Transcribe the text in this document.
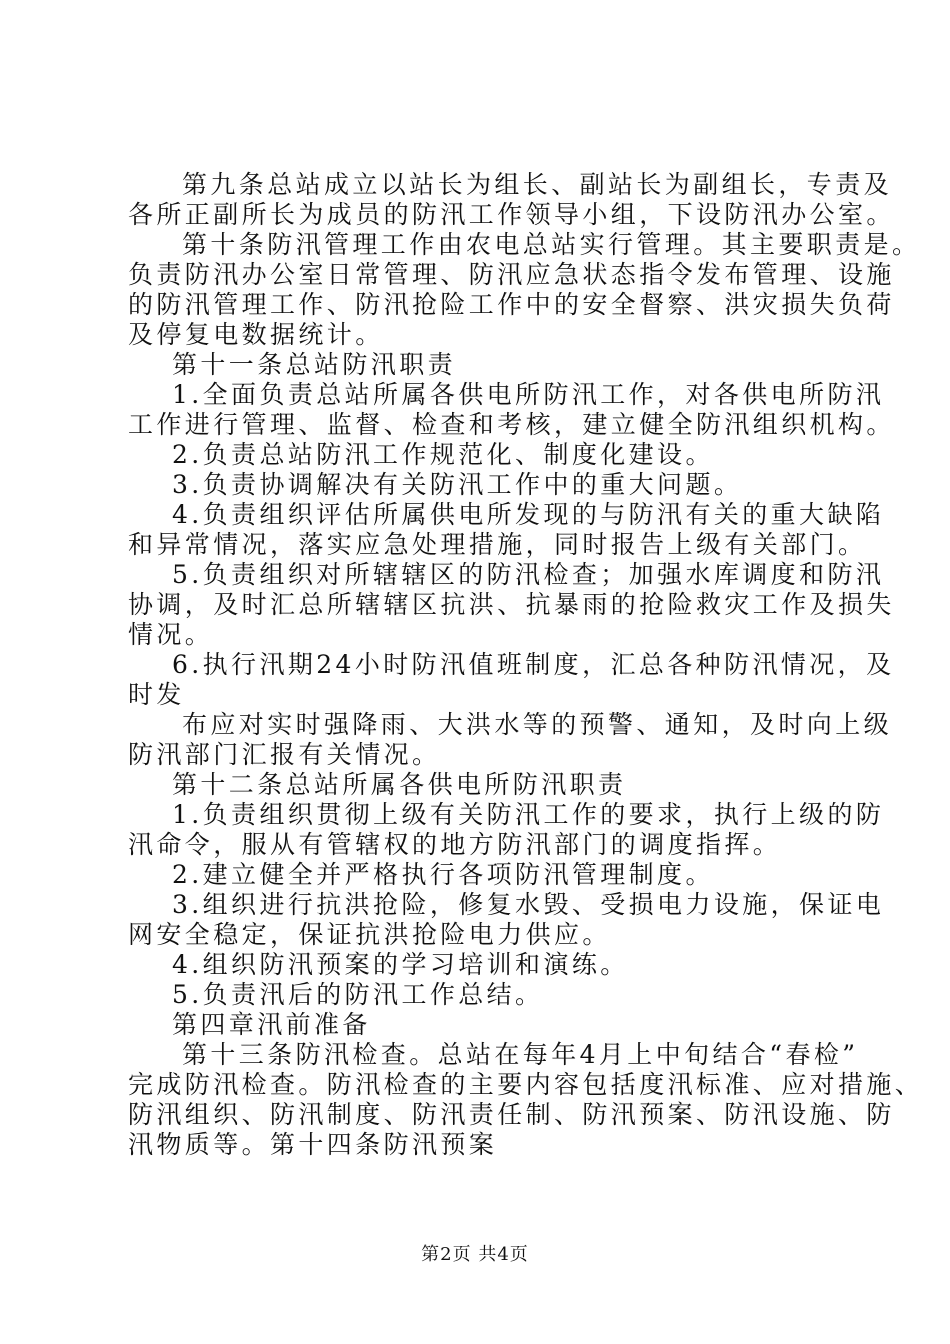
第九条总站成立以站长为组长、副站长为副组长，专责及

各所正副所长为成员的防汛工作领导小组，下设防汛办公室。

第十条防汛管理工作由农电总站实行管理。其主要职责是。

负责防汛办公室日常管理、防汛应急状态指令发布管理、设施

的防汛管理工作、防汛抢险工作中的安全督察、洪灾损失负荷

及停复电数据统计。

第十一条总站防汛职责

1.全面负责总站所属各供电所防汛工作，对各供电所防汛

工作进行管理、监督、检查和考核，建立健全防汛组织机构。

2.负责总站防汛工作规范化、制度化建设。

3.负责协调解决有关防汛工作中的重大问题。

4.负责组织评估所属供电所发现的与防汛有关的重大缺陷

和异常情况，落实应急处理措施，同时报告上级有关部门。

5.负责组织对所辖辖区的防汛检查；加强水库调度和防汛

协调，及时汇总所辖辖区抗洪、抗暴雨的抢险救灾工作及损失

情况。

6.执行汛期24小时防汛值班制度，汇总各种防汛情况，及

时发

布应对实时强降雨、大洪水等的预警、通知，及时向上级

防汛部门汇报有关情况。

第十二条总站所属各供电所防汛职责

1.负责组织贯彻上级有关防汛工作的要求，执行上级的防

汛命令，服从有管辖权的地方防汛部门的调度指挥。

2.建立健全并严格执行各项防汛管理制度。

3.组织进行抗洪抢险，修复水毁、受损电力设施，保证电

网安全稳定，保证抗洪抢险电力供应。

4.组织防汛预案的学习培训和演练。

5.负责汛后的防汛工作总结。

第四章汛前准备

第十三条防汛检查。总站在每年4月上中旬结合“春检”

完成防汛检查。防汛检查的主要内容包括度汛标准、应对措施、

防汛组织、防汛制度、防汛责任制、防汛预案、防汛设施、防

汛物质等。第十四条防汛预案

第2页 共4页
